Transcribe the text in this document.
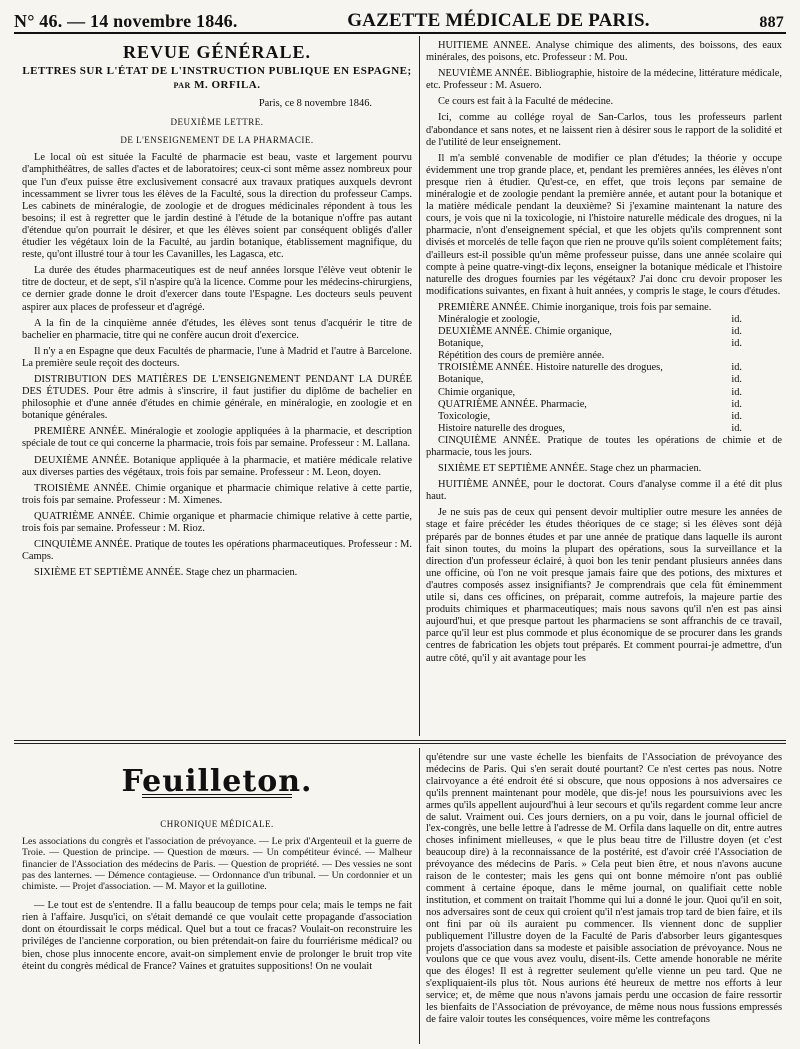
N° 46. — 14 novembre 1846.	GAZETTE MÉDICALE DE PARIS.	887
REVUE GÉNÉRALE.
LETTRES SUR L'ÉTAT DE L'INSTRUCTION PUBLIQUE EN ESPAGNE; par M. ORFILA.
Paris, ce 8 novembre 1846.
DEUXIÈME LETTRE.
DE L'ENSEIGNEMENT DE LA PHARMACIE.

Le local où est située la Faculté de pharmacie est beau, vaste et largement pourvu d'amphithéâtres, de salles d'actes et de laboratoires; ceux-ci sont même assez nombreux pour que l'un d'eux puisse être exclusivement consacré aux travaux pratiques auxquels devront incessamment se livrer tous les élèves de la Faculté, sous la direction du professeur Camps. Les cabinets de minéralogie, de zoologie et de drogues médicinales répondent à tous les besoins; il est à regretter que le jardin destiné à l'étude de la botanique n'offre pas autant d'étendue qu'on pourrait le désirer, et que les élèves soient par conséquent obligés d'aller étudier les végétaux loin de la Faculté, au jardin botanique, établissement magnifique, du reste, qu'ont illustré tour à tour les Cavanilles, les Lagasca, etc.

La durée des études pharmaceutiques est de neuf années lorsque l'élève veut obtenir le titre de docteur, et de sept, s'il n'aspire qu'à la licence. Comme pour les médecins-chirurgiens, ce dernier grade donne le droit d'exercer dans toute l'Espagne. Les docteurs seuls peuvent aspirer aux places de professeur et d'agrégé.

A la fin de la cinquième année d'études, les élèves sont tenus d'acquérir le titre de bachelier en pharmacie, titre qui ne confère aucun droit d'exercice.

Il n'y a en Espagne que deux Facultés de pharmacie, l'une à Madrid et l'autre à Barcelone. La première seule reçoit des docteurs.

DISTRIBUTION DES MATIÈRES DE L'ENSEIGNEMENT PENDANT LA DURÉE DES ÉTUDES. Pour être admis à s'inscrire, il faut justifier du diplôme de bachelier en philosophie et d'une année d'études en chimie générale, en minéralogie, en zoologie et en botanique générales.

PREMIÈRE ANNÉE. Minéralogie et zoologie appliquées à la pharmacie, et description spéciale de tout ce qui concerne la pharmacie, trois fois par semaine. Professeur : M. Lallana.

DEUXIÈME ANNÉE. Botanique appliquée à la pharmacie, et matière médicale relative aux diverses parties des végétaux, trois fois par semaine. Professeur : M. Leon, doyen.

TROISIÈME ANNÉE. Chimie organique et pharmacie chimique relative à cette partie, trois fois par semaine. Professeur : M. Ximenes.

QUATRIÈME ANNÉE. Chimie organique et pharmacie chimique relative à cette partie, trois fois par semaine. Professeur : M. Rioz.

CINQUIÈME ANNÉE. Pratique de toutes les opérations pharmaceutiques. Professeur : M. Camps.

SIXIÈME ET SEPTIÈME ANNÉE. Stage chez un pharmacien.

HUITIÈME ANNÉE. Analyse chimique des aliments, des boissons, des eaux minérales, des poisons, etc. Professeur : M. Pou.

NEUVIÈME ANNÉE. Bibliographie, histoire de la médecine, littérature médicale, etc. Professeur : M. Asuero.

Ce cours est fait à la Faculté de médecine.

Ici, comme au collége royal de San-Carlos, tous les professeurs parlent d'abondance et sans notes, et ne laissent rien à désirer sous le rapport de la solidité et de l'utilité de leur enseignement.

Il m'a semblé convenable de modifier ce plan d'études; la théorie y occupe évidemment une trop grande place, et, pendant les premières années, les élèves n'ont presque rien à étudier. Qu'est-ce, en effet, que trois leçons par semaine de minéralogie et de zoologie pendant la première année, et autant pour la botanique et la matière médicale pendant la deuxième? Si j'examine maintenant la nature des cours, je vois que ni la toxicologie, ni l'histoire naturelle médicale des drogues, ni la pharmacie, n'ont d'enseignement spécial, et que les objets qu'ils comprennent sont divisés et morcelés de telle façon que rien ne prouve qu'ils soient complétement faits; d'ailleurs est-il possible qu'un même professeur puisse, dans une année scolaire qui compte à peine quatre-vingt-dix leçons, enseigner la botanique médicale et l'histoire naturelle des drogues fournies par les végétaux? J'ai donc cru devoir proposer les modifications suivantes, en fixant à huit années, y compris le stage, le cours d'études.

PREMIÈRE ANNÉE. Chimie inorganique, trois fois par semaine.
Minéralogie et zoologie,	id.
DEUXIÈME ANNÉE. Chimie organique,	id.
Botanique,	id.
Répétition des cours de première année.
TROISIÈME ANNÉE. Histoire naturelle des drogues,	id.
Botanique,	id.
Chimie organique,	id.
QUATRIÈME ANNÉE. Pharmacie,	id.
Toxicologie,	id.
Histoire naturelle des drogues,	id.

CINQUIÈME ANNÉE. Pratique de toutes les opérations de chimie et de pharmacie, tous les jours.

SIXIÈME ET SEPTIÈME ANNÉE. Stage chez un pharmacien.

HUITIÈME ANNÉE, pour le doctorat. Cours d'analyse comme il a été dit plus haut.

Je ne suis pas de ceux qui pensent devoir multiplier outre mesure les années de stage et faire précéder les études théoriques de ce stage; si les élèves sont déjà préparés par de bonnes études et par une année de pratique dans laquelle ils auront fait sinon toutes, du moins la plupart des opérations, sous la surveillance et la direction d'un professeur éclairé, à quoi bon les tenir pendant plusieurs années dans une officine, où l'on ne voit presque jamais faire que des potions, des mixtures et d'autres composés assez insignifiants? Je comprendrais que cela fût éminemment utile si, dans ces officines, on préparait, comme autrefois, la majeure partie des produits chimiques et pharmaceutiques; mais nous savons qu'il n'en est pas ainsi aujourd'hui, et que presque partout les pharmaciens se sont affranchis de ce travail, parce qu'il leur est plus commode et plus économique de se procurer dans les grands centres de fabrication les objets tout préparés. Et comment pourrai-je admettre, d'un autre côté, qu'il y ait avantage pour les

Feuilleton.
CHRONIQUE MÉDICALE.
Les associations du congrès et l'association de prévoyance. — Le prix d'Argenteuil et la guerre de Troie. — Question de principe. — Question de mœurs. — Un compétiteur évincé. — Malheur financier de l'Association des médecins de Paris. — Question de propriété. — Des vessies ne sont pas des lanternes. — Démence contagieuse. — Ordonnance d'un tribunal. — Un cordonnier et un chimiste. — Projet d'association. — M. Mayor et la guillotine.

— Le tout est de s'entendre. Il a fallu beaucoup de temps pour cela; mais le temps ne fait rien à l'affaire. Jusqu'ici, on s'était demandé ce que voulait cette propagande d'association dont on étourdissait le corps médical. Quel but a tout ce fracas? Voulait-on reconstruire les priviléges de l'ancienne corporation, ou bien prétendait-on faire du fourriérisme médical? ou bien, chose plus innocente encore, avait-on simplement envie de prolonger le bruit trop vite éteint du congrès médical de France? Vaines et gratuites suppositions! On ne voulait

qu'étendre sur une vaste échelle les bienfaits de l'Association de prévoyance des médecins de Paris. Qui s'en serait douté pourtant? Ce n'est certes pas nous. Notre clairvoyance a été endroit été si obscure, que nous opposions à nos adversaires ce qu'ils prennent maintenant pour modèle, que dis-je! nous les poursuivions avec les armes qu'ils appellent aujourd'hui à leur secours et qu'ils regardent comme leur ancre de salut. Vraiment oui. Ces jours derniers, on a pu voir, dans le journal officiel de l'ex-congrès, une belle lettre à l'adresse de M. Orfila dans laquelle on dit, entre autres choses infiniment mielleuses, « que le plus beau titre de l'illustre doyen (et c'est beaucoup dire) à la reconnaissance de la postérité, est d'avoir créé l'Association de prévoyance des médecins de Paris. » Cela peut bien être, et nous n'avons aucune raison de le contester; mais les gens qui ont bonne mémoire n'ont pas oublié comment à certaine époque, dans le même journal, on qualifiait cette noble institution, et comment on traitait l'homme qui lui a donné le jour. Quoi qu'il en soit, nos adversaires sont de ceux qui croient qu'il n'est jamais trop tard de bien faire, et ils ont fini par où ils auraient pu commencer. Ils viennent donc de supplier publiquement l'illustre doyen de la Faculté de Paris d'absorber leurs gigantesques projets d'association dans sa modeste et paisible association de prévoyance. Nous ne voulons que ce que vous avez voulu, disent-ils. Cette amende honorable ne mérite que des éloges! Il est à regretter seulement qu'elle vienne un peu tard. Que ne s'expliquaient-ils plus tôt. Nous aurions été heureux de mettre nos efforts à leur service; et, de même que nous n'avons jamais perdu une occasion de faire ressortir les bienfaits de l'Association de prévoyance, de même nous nous fussions empressés de faire valoir toutes les conséquences, voire même les contrefaçons
